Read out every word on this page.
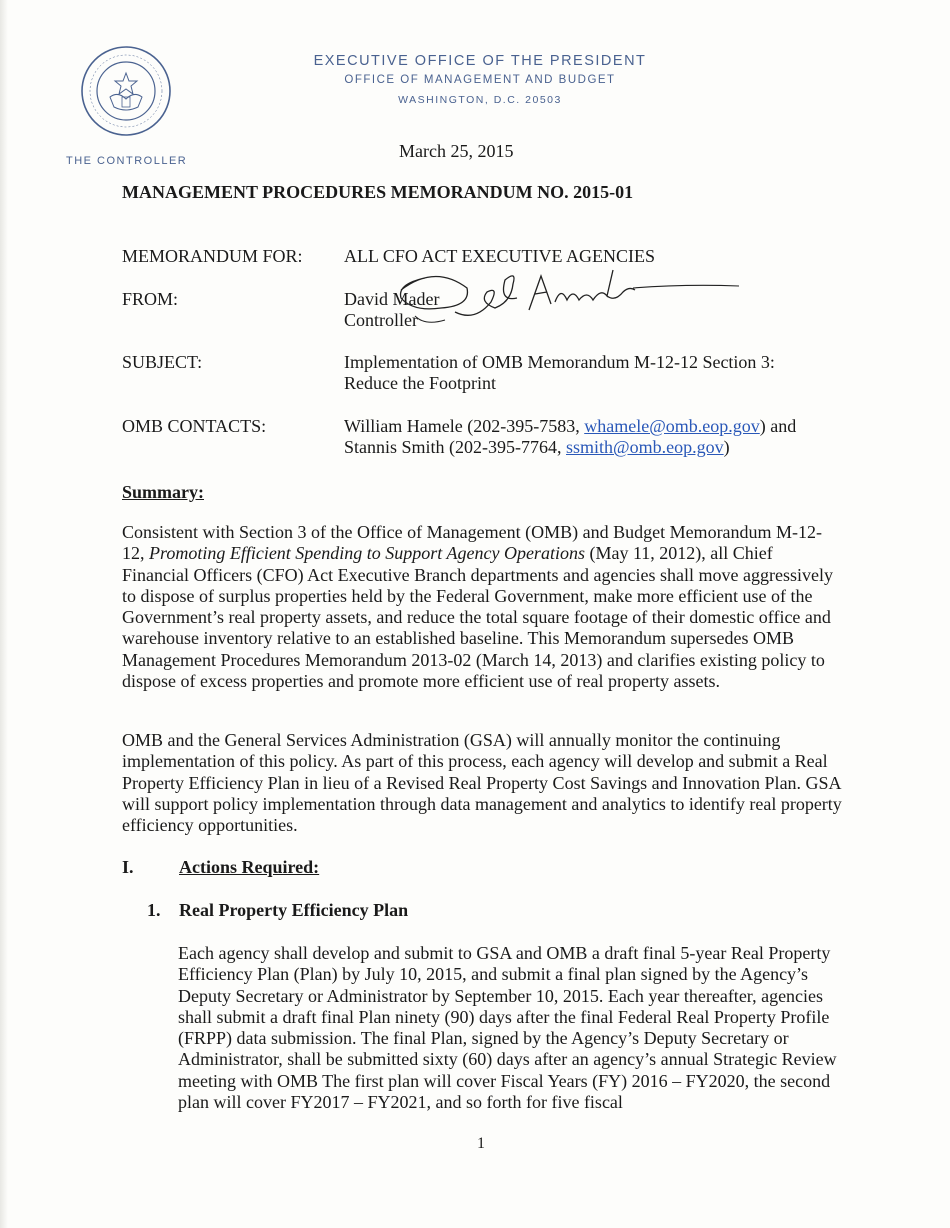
EXECUTIVE OFFICE OF THE PRESIDENT
OFFICE OF MANAGEMENT AND BUDGET
WASHINGTON, D.C. 20503
THE CONTROLLER	March 25, 2015
MANAGEMENT PROCEDURES MEMORANDUM NO. 2015-01
MEMORANDUM FOR: ALL CFO ACT EXECUTIVE AGENCIES
FROM:	David Mader
Controller
SUBJECT:	Implementation of OMB Memorandum M-12-12 Section 3:
Reduce the Footprint
OMB CONTACTS:	William Hamele (202-395-7583, whamele@omb.eop.gov) and
Stannis Smith (202-395-7764, ssmith@omb.eop.gov)
Summary:
Consistent with Section 3 of the Office of Management (OMB) and Budget Memorandum M-12-12, Promoting Efficient Spending to Support Agency Operations (May 11, 2012), all Chief Financial Officers (CFO) Act Executive Branch departments and agencies shall move aggressively to dispose of surplus properties held by the Federal Government, make more efficient use of the Government’s real property assets, and reduce the total square footage of their domestic office and warehouse inventory relative to an established baseline. This Memorandum supersedes OMB Management Procedures Memorandum 2013-02 (March 14, 2013) and clarifies existing policy to dispose of excess properties and promote more efficient use of real property assets.
OMB and the General Services Administration (GSA) will annually monitor the continuing implementation of this policy. As part of this process, each agency will develop and submit a Real Property Efficiency Plan in lieu of a Revised Real Property Cost Savings and Innovation Plan. GSA will support policy implementation through data management and analytics to identify real property efficiency opportunities.
I.	Actions Required:
1. Real Property Efficiency Plan
Each agency shall develop and submit to GSA and OMB a draft final 5-year Real Property Efficiency Plan (Plan) by July 10, 2015, and submit a final plan signed by the Agency’s Deputy Secretary or Administrator by September 10, 2015. Each year thereafter, agencies shall submit a draft final Plan ninety (90) days after the final Federal Real Property Profile (FRPP) data submission. The final Plan, signed by the Agency’s Deputy Secretary or Administrator, shall be submitted sixty (60) days after an agency’s annual Strategic Review meeting with OMB The first plan will cover Fiscal Years (FY) 2016 – FY2020, the second plan will cover FY2017 – FY2021, and so forth for five fiscal
1
